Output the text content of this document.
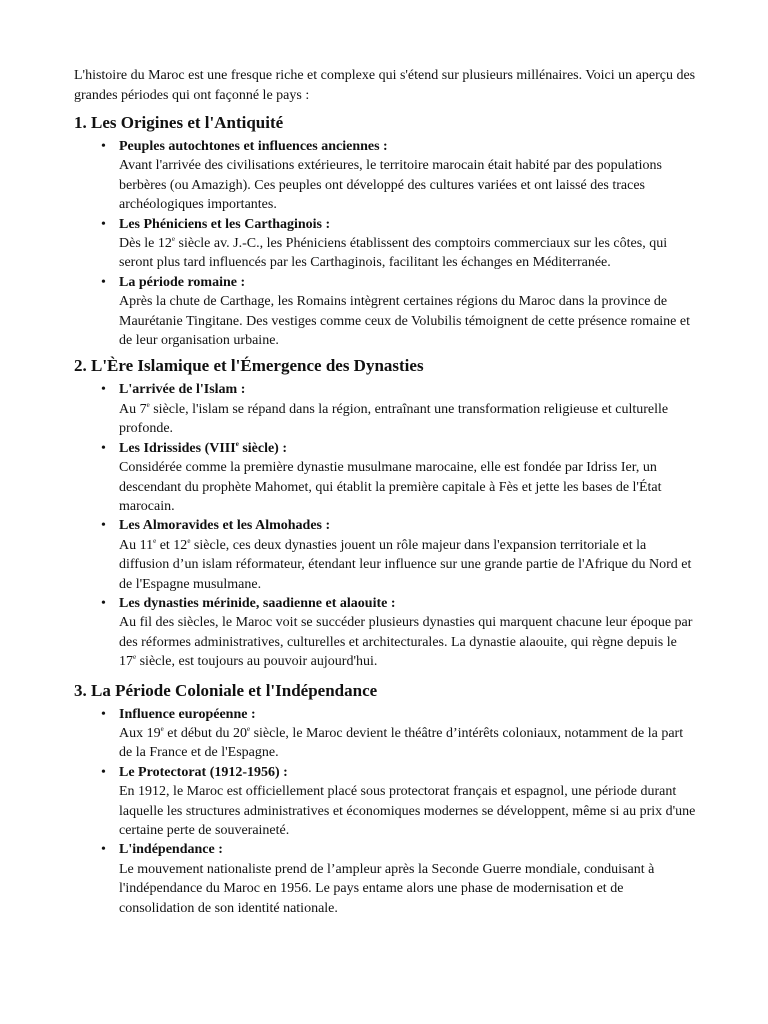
L'histoire du Maroc est une fresque riche et complexe qui s'étend sur plusieurs millénaires. Voici un aperçu des grandes périodes qui ont façonné le pays :

1. Les Origines et l'Antiquité
• Peuples autochtones et influences anciennes :
Avant l'arrivée des civilisations extérieures, le territoire marocain était habité par des populations berbères (ou Amazigh). Ces peuples ont développé des cultures variées et ont laissé des traces archéologiques importantes.
• Les Phéniciens et les Carthaginois :
Dès le 12e siècle av. J.-C., les Phéniciens établissent des comptoirs commerciaux sur les côtes, qui seront plus tard influencés par les Carthaginois, facilitant les échanges en Méditerranée.
• La période romaine :
Après la chute de Carthage, les Romains intègrent certaines régions du Maroc dans la province de Maurétanie Tingitane. Des vestiges comme ceux de Volubilis témoignent de cette présence romaine et de leur organisation urbaine.
2. L'Ère Islamique et l'Émergence des Dynasties
• L'arrivée de l'Islam :
Au 7e siècle, l'islam se répand dans la région, entraînant une transformation religieuse et culturelle profonde.
• Les Idrissides (VIIIe siècle) :
Considérée comme la première dynastie musulmane marocaine, elle est fondée par Idriss Ier, un descendant du prophète Mahomet, qui établit la première capitale à Fès et jette les bases de l'État marocain.
• Les Almoravides et les Almohades :
Au 11e et 12e siècle, ces deux dynasties jouent un rôle majeur dans l'expansion territoriale et la diffusion d’un islam réformateur, étendant leur influence sur une grande partie de l'Afrique du Nord et de l'Espagne musulmane.
• Les dynasties mérinide, saadienne et alaouite :
Au fil des siècles, le Maroc voit se succéder plusieurs dynasties qui marquent chacune leur époque par des réformes administratives, culturelles et architecturales. La dynastie alaouite, qui règne depuis le 17e siècle, est toujours au pouvoir aujourd'hui.
3. La Période Coloniale et l'Indépendance
• Influence européenne :
Aux 19e et début du 20e siècle, le Maroc devient le théâtre d’intérêts coloniaux, notamment de la part de la France et de l'Espagne.
• Le Protectorat (1912-1956) :
En 1912, le Maroc est officiellement placé sous protectorat français et espagnol, une période durant laquelle les structures administratives et économiques modernes se développent, même si au prix d'une certaine perte de souveraineté.
• L'indépendance :
Le mouvement nationaliste prend de l’ampleur après la Seconde Guerre mondiale, conduisant à l'indépendance du Maroc en 1956. Le pays entame alors une phase de modernisation et de consolidation de son identité nationale.
